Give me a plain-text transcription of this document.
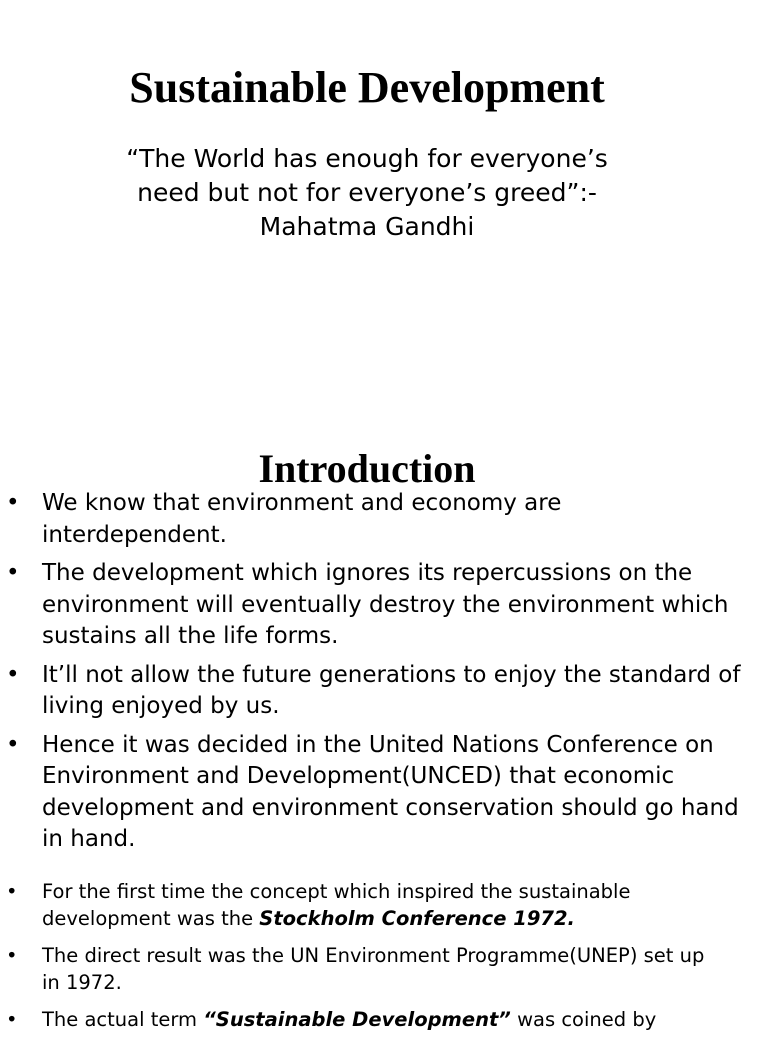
Sustainable Development
“The World has enough for everyone’s
need but not for everyone’s greed”:-
Mahatma Gandhi
Introduction
• We know that environment and economy are
interdependent.
• The development which ignores its repercussions on the
environment will eventually destroy the environment which
sustains all the life forms.
• It’ll not allow the future generations to enjoy the standard of
living enjoyed by us.
• Hence it was decided in the United Nations Conference on
Environment and Development(UNCED) that economic
development and environment conservation should go hand
in hand.
• For the first time the concept which inspired the sustainable
development was the Stockholm Conference 1972.
• The direct result was the UN Environment Programme(UNEP) set up
in 1972.
• The actual term “Sustainable Development” was coined by
